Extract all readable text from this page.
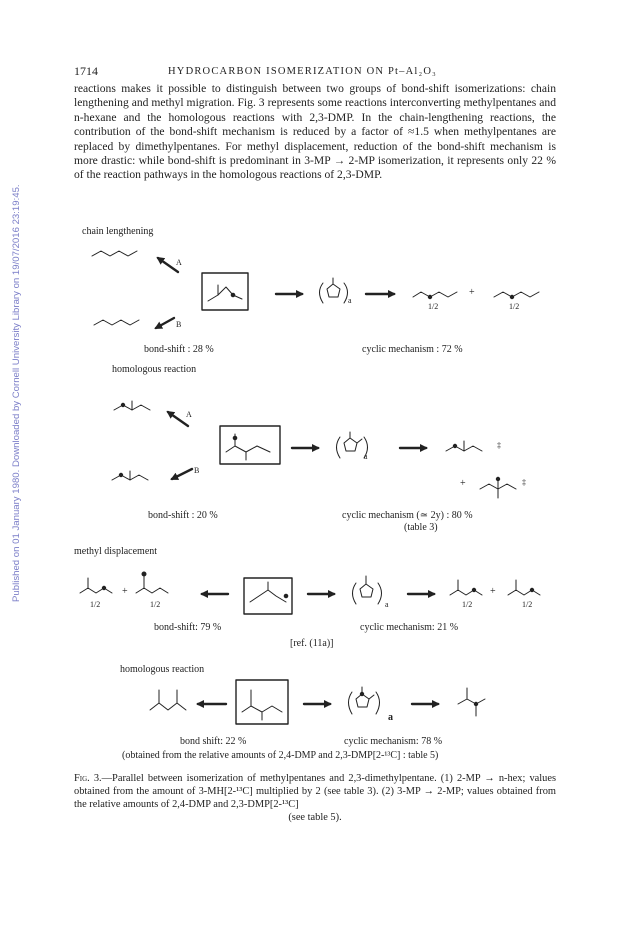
1714	HYDROCARBON ISOMERIZATION ON Pt–Al₂O₃

reactions makes it possible to distinguish between two groups of bond-shift isomerizations: chain lengthening and methyl migration. Fig. 3 represents some reactions interconverting methylpentanes and n-hexane and the homologous reactions with 2,3-DMP. In the chain-lengthening reactions, the contribution of the bond-shift mechanism is reduced by a factor of ≈1.5 when methylpentanes are replaced by dimethylpentanes. For methyl displacement, reduction of the bond-shift mechanism is more drastic: while bond-shift is predominant in 3-MP → 2-MP isomerization, it represents only 22 % of the reaction pathways in the homologous reactions of 2,3-DMP.

Published on 01 January 1980. Downloaded by Cornell University Library on 19/07/2016 23:19:45.	chain lengthening
A
B
a
1/2
+
1/2
bond-shift : 28 %	cyclic mechanism : 72 %
homologous reaction
A
B
a
‡
+	‡
bond-shift : 20 %	cyclic mechanism (≃ 2y) : 80 %
(table 3)
methyl displacement
1/2
+
1/2	a	1/2
+
1/2
bond-shift: 79 %	cyclic mechanism: 21 %
[ref. (11a)]
homologous reaction
a
bond shift: 22 %	cyclic mechanism: 78 %
(obtained from the relative amounts of 2,4-DMP and 2,3-DMP[2-¹³C] : table 5)
Fig. 3.—Parallel between isomerization of methylpentanes and 2,3-dimethylpentane. (1) 2-MP → n-hex; values obtained from the amount of 3-MH[2-¹³C] multiplied by 2 (see table 3). (2) 3-MP → 2-MP; values obtained from the relative amounts of 2,4-DMP and 2,3-DMP[2-¹³C]
(see table 5).
